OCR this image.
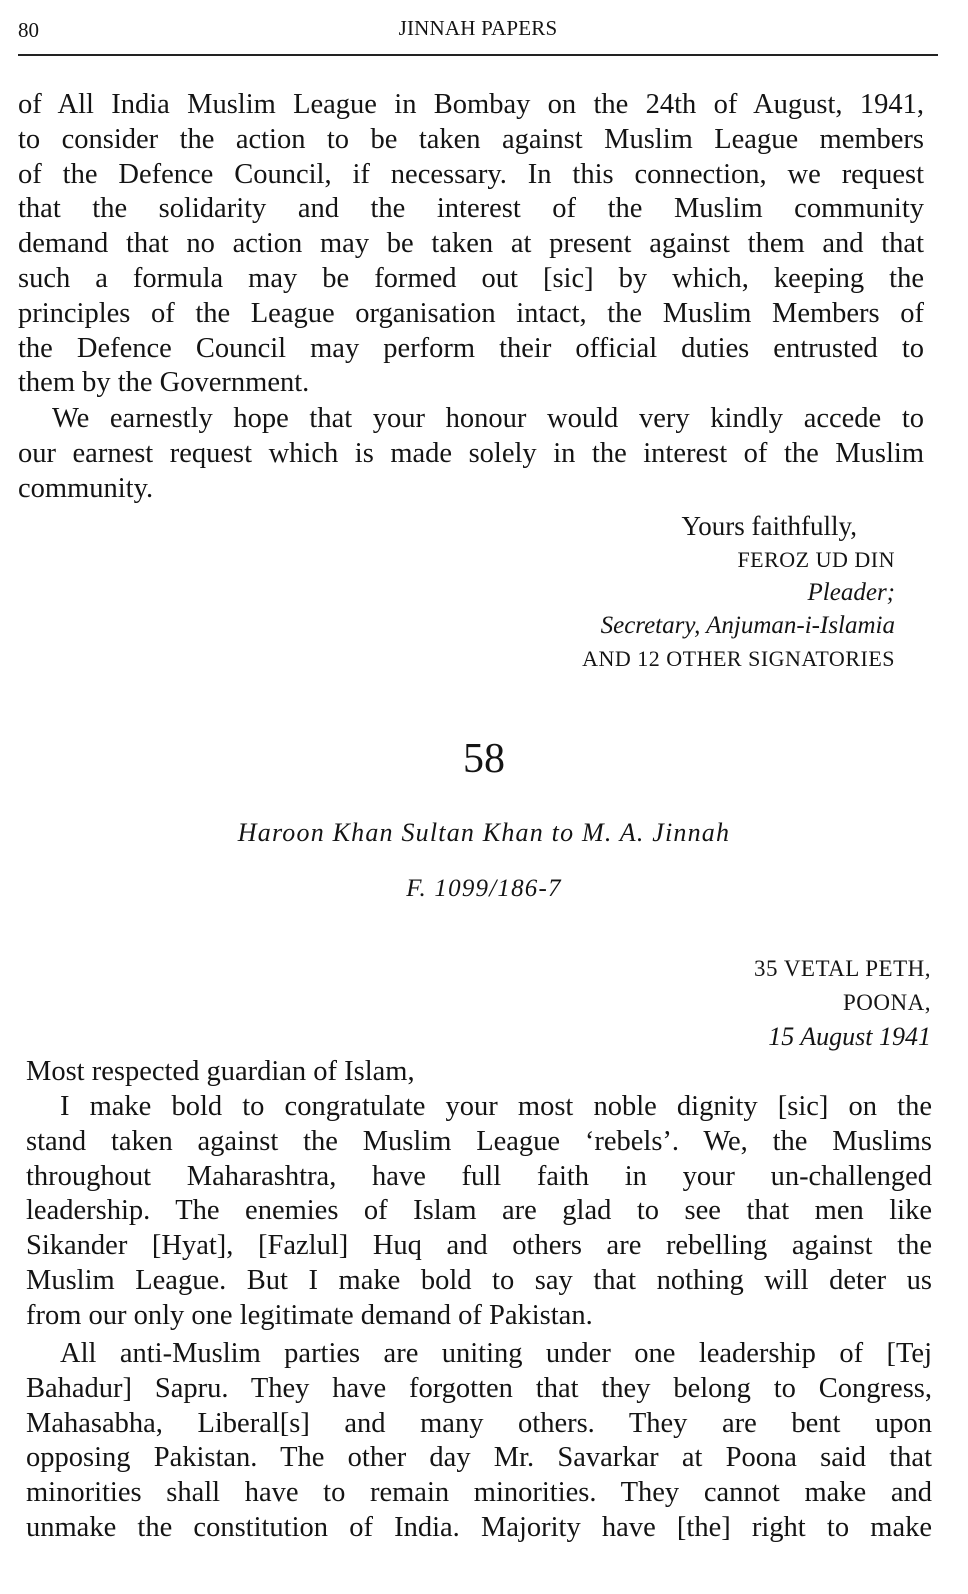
80	JINNAH PAPERS
of All India Muslim League in Bombay on the 24th of August, 1941,
to consider the action to be taken against Muslim League members
of the Defence Council, if necessary. In this connection, we request
that the solidarity and the interest of the Muslim community
demand that no action may be taken at present against them and that
such a formula may be formed out [sic] by which, keeping the
principles of the League organisation intact, the Muslim Members of
the Defence Council may perform their official duties entrusted to
them by the Government.
We earnestly hope that your honour would very kindly accede to
our earnest request which is made solely in the interest of the Muslim
community.
Yours faithfully,
FEROZ UD DIN
Pleader;
Secretary, Anjuman-i-Islamia
AND 12 OTHER SIGNATORIES
58
Haroon Khan Sultan Khan to M. A. Jinnah
F. 1099/186-7
35 VETAL PETH,
POONA,
15 August 1941
Most respected guardian of Islam,
I make bold to congratulate your most noble dignity [sic] on the
stand taken against the Muslim League ‘rebels’. We, the Muslims
throughout Maharashtra, have full faith in your un-challenged
leadership. The enemies of Islam are glad to see that men like
Sikander [Hyat], [Fazlul] Huq and others are rebelling against the
Muslim League. But I make bold to say that nothing will deter us
from our only one legitimate demand of Pakistan.
All anti-Muslim parties are uniting under one leadership of [Tej
Bahadur] Sapru. They have forgotten that they belong to Congress,
Mahasabha, Liberal[s] and many others. They are bent upon
opposing Pakistan. The other day Mr. Savarkar at Poona said that
minorities shall have to remain minorities. They cannot make and
unmake the constitution of India. Majority have [the] right to make
